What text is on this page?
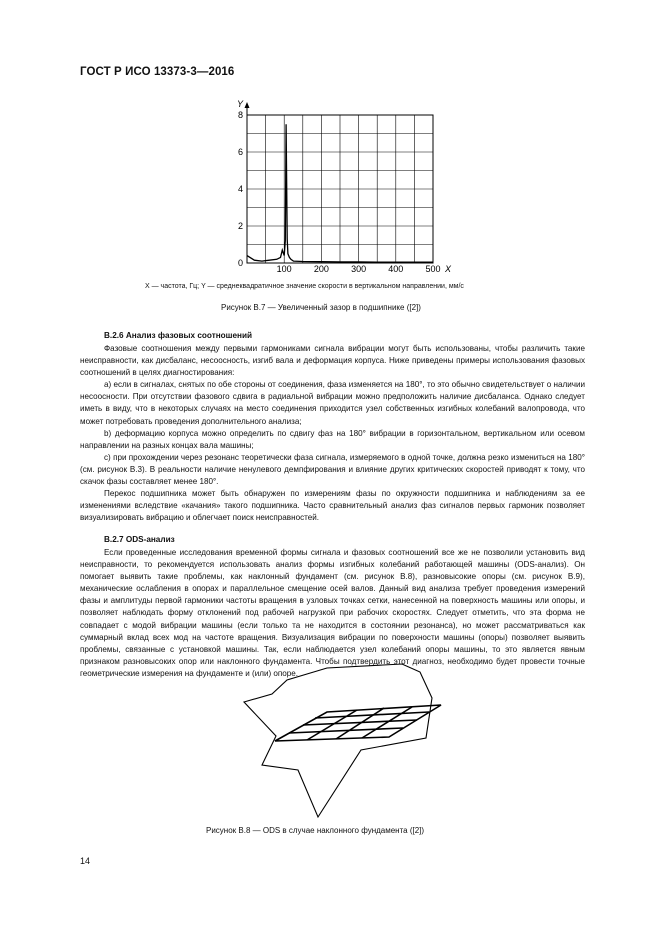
ГОСТ Р ИСО 13373-3—2016
0
2
4
6
8
100 200 300 400 500
Y
X
X — частота, Гц; Y — среднеквадратичное значение скорости в вертикальном направлении, мм/с
Рисунок В.7 — Увеличенный зазор в подшипнике ([2])
В.2.6 Анализ фазовых соотношений

Фазовые соотношения между первыми гармониками сигнала вибрации могут быть использованы, чтобы различить такие неисправности, как дисбаланс, несоосность, изгиб вала и деформация корпуса. Ниже приведены примеры использования фазовых соотношений в целях диагностирования:

а) если в сигналах, снятых по обе стороны от соединения, фаза изменяется на 180°, то это обычно свидетельствует о наличии несоосности. При отсутствии фазового сдвига в радиальной вибрации можно предположить наличие дисбаланса. Однако следует иметь в виду, что в некоторых случаях на место соединения приходится узел собственных изгибных колебаний валопровода, что может потребовать проведения дополнительного анализа;

b) деформацию корпуса можно определить по сдвигу фаз на 180° вибрации в горизонтальном, вертикальном или осевом направлении на разных концах вала машины;

c) при прохождении через резонанс теоретически фаза сигнала, измеряемого в одной точке, должна резко измениться на 180° (см. рисунок В.3). В реальности наличие ненулевого демпфирования и влияние других критических скоростей приводят к тому, что скачок фазы составляет менее 180°.

Перекос подшипника может быть обнаружен по измерениям фазы по окружности подшипника и наблюдениям за ее изменениями вследствие «качания» такого подшипника. Часто сравнительный анализ фаз сигналов первых гармоник позволяет визуализировать вибрацию и облегчает поиск неисправностей.

В.2.7 ODS-анализ

Если проведенные исследования временной формы сигнала и фазовых соотношений все же не позволили установить вид неисправности, то рекомендуется использовать анализ формы изгибных колебаний работающей машины (ODS-анализ). Он помогает выявить такие проблемы, как наклонный фундамент (см. рисунок В.8), разновысокие опоры (см. рисунок В.9), механические ослабления в опорах и параллельное смещение осей валов. Данный вид анализа требует проведения измерений фазы и амплитуды первой гармоники частоты вращения в узловых точках сетки, нанесенной на поверхность машины или опоры, и позволяет наблюдать форму отклонений под рабочей нагрузкой при рабочих скоростях. Следует отметить, что эта форма не совпадает с модой вибрации машины (если только та не находится в состоянии резонанса), но может рассматриваться как суммарный вклад всех мод на частоте вращения. Визуализация вибрации по поверхности машины (опоры) позволяет выявить проблемы, связанные с установкой машины. Так, если наблюдается узел колебаний опоры машины, то это является явным признаком разновысоких опор или наклонного фундамента. Чтобы подтвердить этот диагноз, необходимо будет провести точные геометрические измерения на фундаменте и (или) опоре.

Рисунок В.8 — ODS в случае наклонного фундамента ([2])
14
